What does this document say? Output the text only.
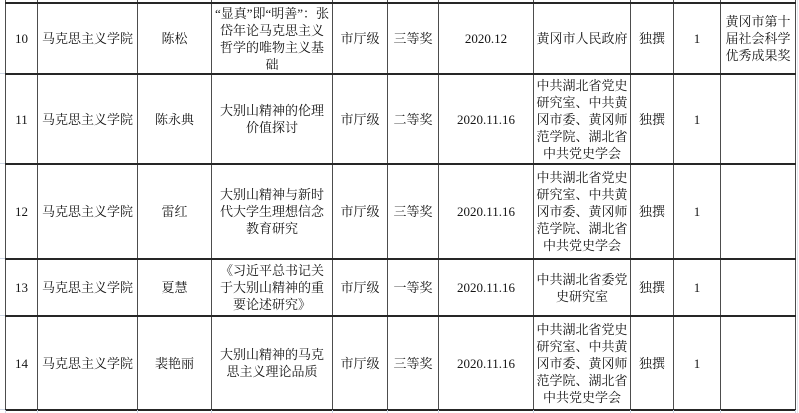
10	马克思主义学院	陈松	“显真”即“明善”：张岱年论马克思主义哲学的唯物主义基础	市厅级	三等奖	2020.12	黄冈市人民政府	独撰	1	黄冈市第十届社会科学优秀成果奖
11	马克思主义学院	陈永典	大别山精神的伦理价值探讨	市厅级	二等奖	2020.11.16	中共湖北省党史研究室、中共黄冈市委、黄冈师范学院、湖北省中共党史学会	独撰	1	
12	马克思主义学院	雷红	大别山精神与新时代大学生理想信念教育研究	市厅级	三等奖	2020.11.16	中共湖北省党史研究室、中共黄冈市委、黄冈师范学院、湖北省中共党史学会	独撰	1	
13	马克思主义学院	夏慧	《习近平总书记关于大别山精神的重要论述研究》	市厅级	一等奖	2020.11.16	中共湖北省委党史研究室	独撰	1	
14	马克思主义学院	裴艳丽	大别山精神的马克思主义理论品质	市厅级	三等奖	2020.11.16	中共湖北省党史研究室、中共黄冈市委、黄冈师范学院、湖北省中共党史学会	独撰	1	
